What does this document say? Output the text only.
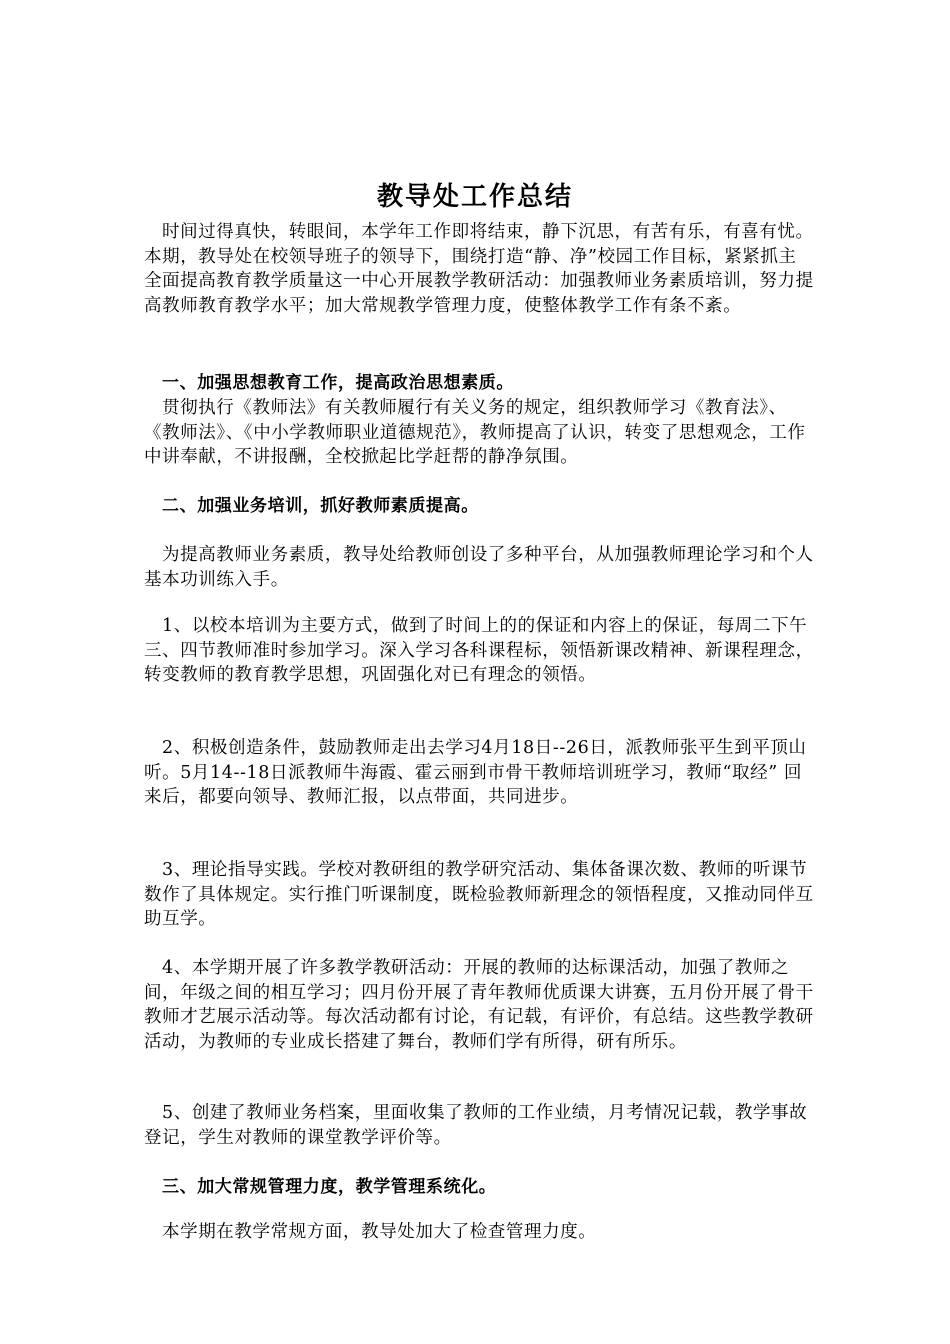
教导处工作总结
时间过得真快，转眼间，本学年工作即将结束，静下沉思，有苦有乐，有喜有忧。本期，教导处在校领导班子的领导下，围绕打造“静、净”校园工作目标，紧紧抓主全面提高教育教学质量这一中心开展教学教研活动：加强教师业务素质培训，努力提高教师教育教学水平；加大常规教学管理力度，使整体教学工作有条不紊。
一、加强思想教育工作，提高政治思想素质。
贯彻执行《教师法》有关教师履行有关义务的规定，组织教师学习《教育法》、《教师法》、《中小学教师职业道德规范》，教师提高了认识，转变了思想观念，工作中讲奉献，不讲报酬，全校掀起比学赶帮的静净氛围。
二、加强业务培训，抓好教师素质提高。
为提高教师业务素质，教导处给教师创设了多种平台，从加强教师理论学习和个人基本功训练入手。
1、以校本培训为主要方式，做到了时间上的的保证和内容上的保证，每周二下午三、四节教师准时参加学习。深入学习各科课程标，领悟新课改精神、新课程理念，转变教师的教育教学思想，巩固强化对已有理念的领悟。
2、积极创造条件，鼓励教师走出去学习4月18日--26日，派教师张平生到平顶山听。5月14--18日派教师牛海霞、霍云丽到市骨干教师培训班学习，教师“取经” 回来后，都要向领导、教师汇报，以点带面，共同进步。
3、理论指导实践。学校对教研组的教学研究活动、集体备课次数、教师的听课节数作了具体规定。实行推门听课制度，既检验教师新理念的领悟程度，又推动同伴互助互学。
4、本学期开展了许多教学教研活动：开展的教师的达标课活动，加强了教师之间，年级之间的相互学习；四月份开展了青年教师优质课大讲赛，五月份开展了骨干教师才艺展示活动等。每次活动都有讨论，有记载，有评价，有总结。这些教学教研活动，为教师的专业成长搭建了舞台，教师们学有所得，研有所乐。
5、创建了教师业务档案，里面收集了教师的工作业绩，月考情况记载，教学事故登记，学生对教师的课堂教学评价等。
三、加大常规管理力度，教学管理系统化。
本学期在教学常规方面，教导处加大了检查管理力度。
